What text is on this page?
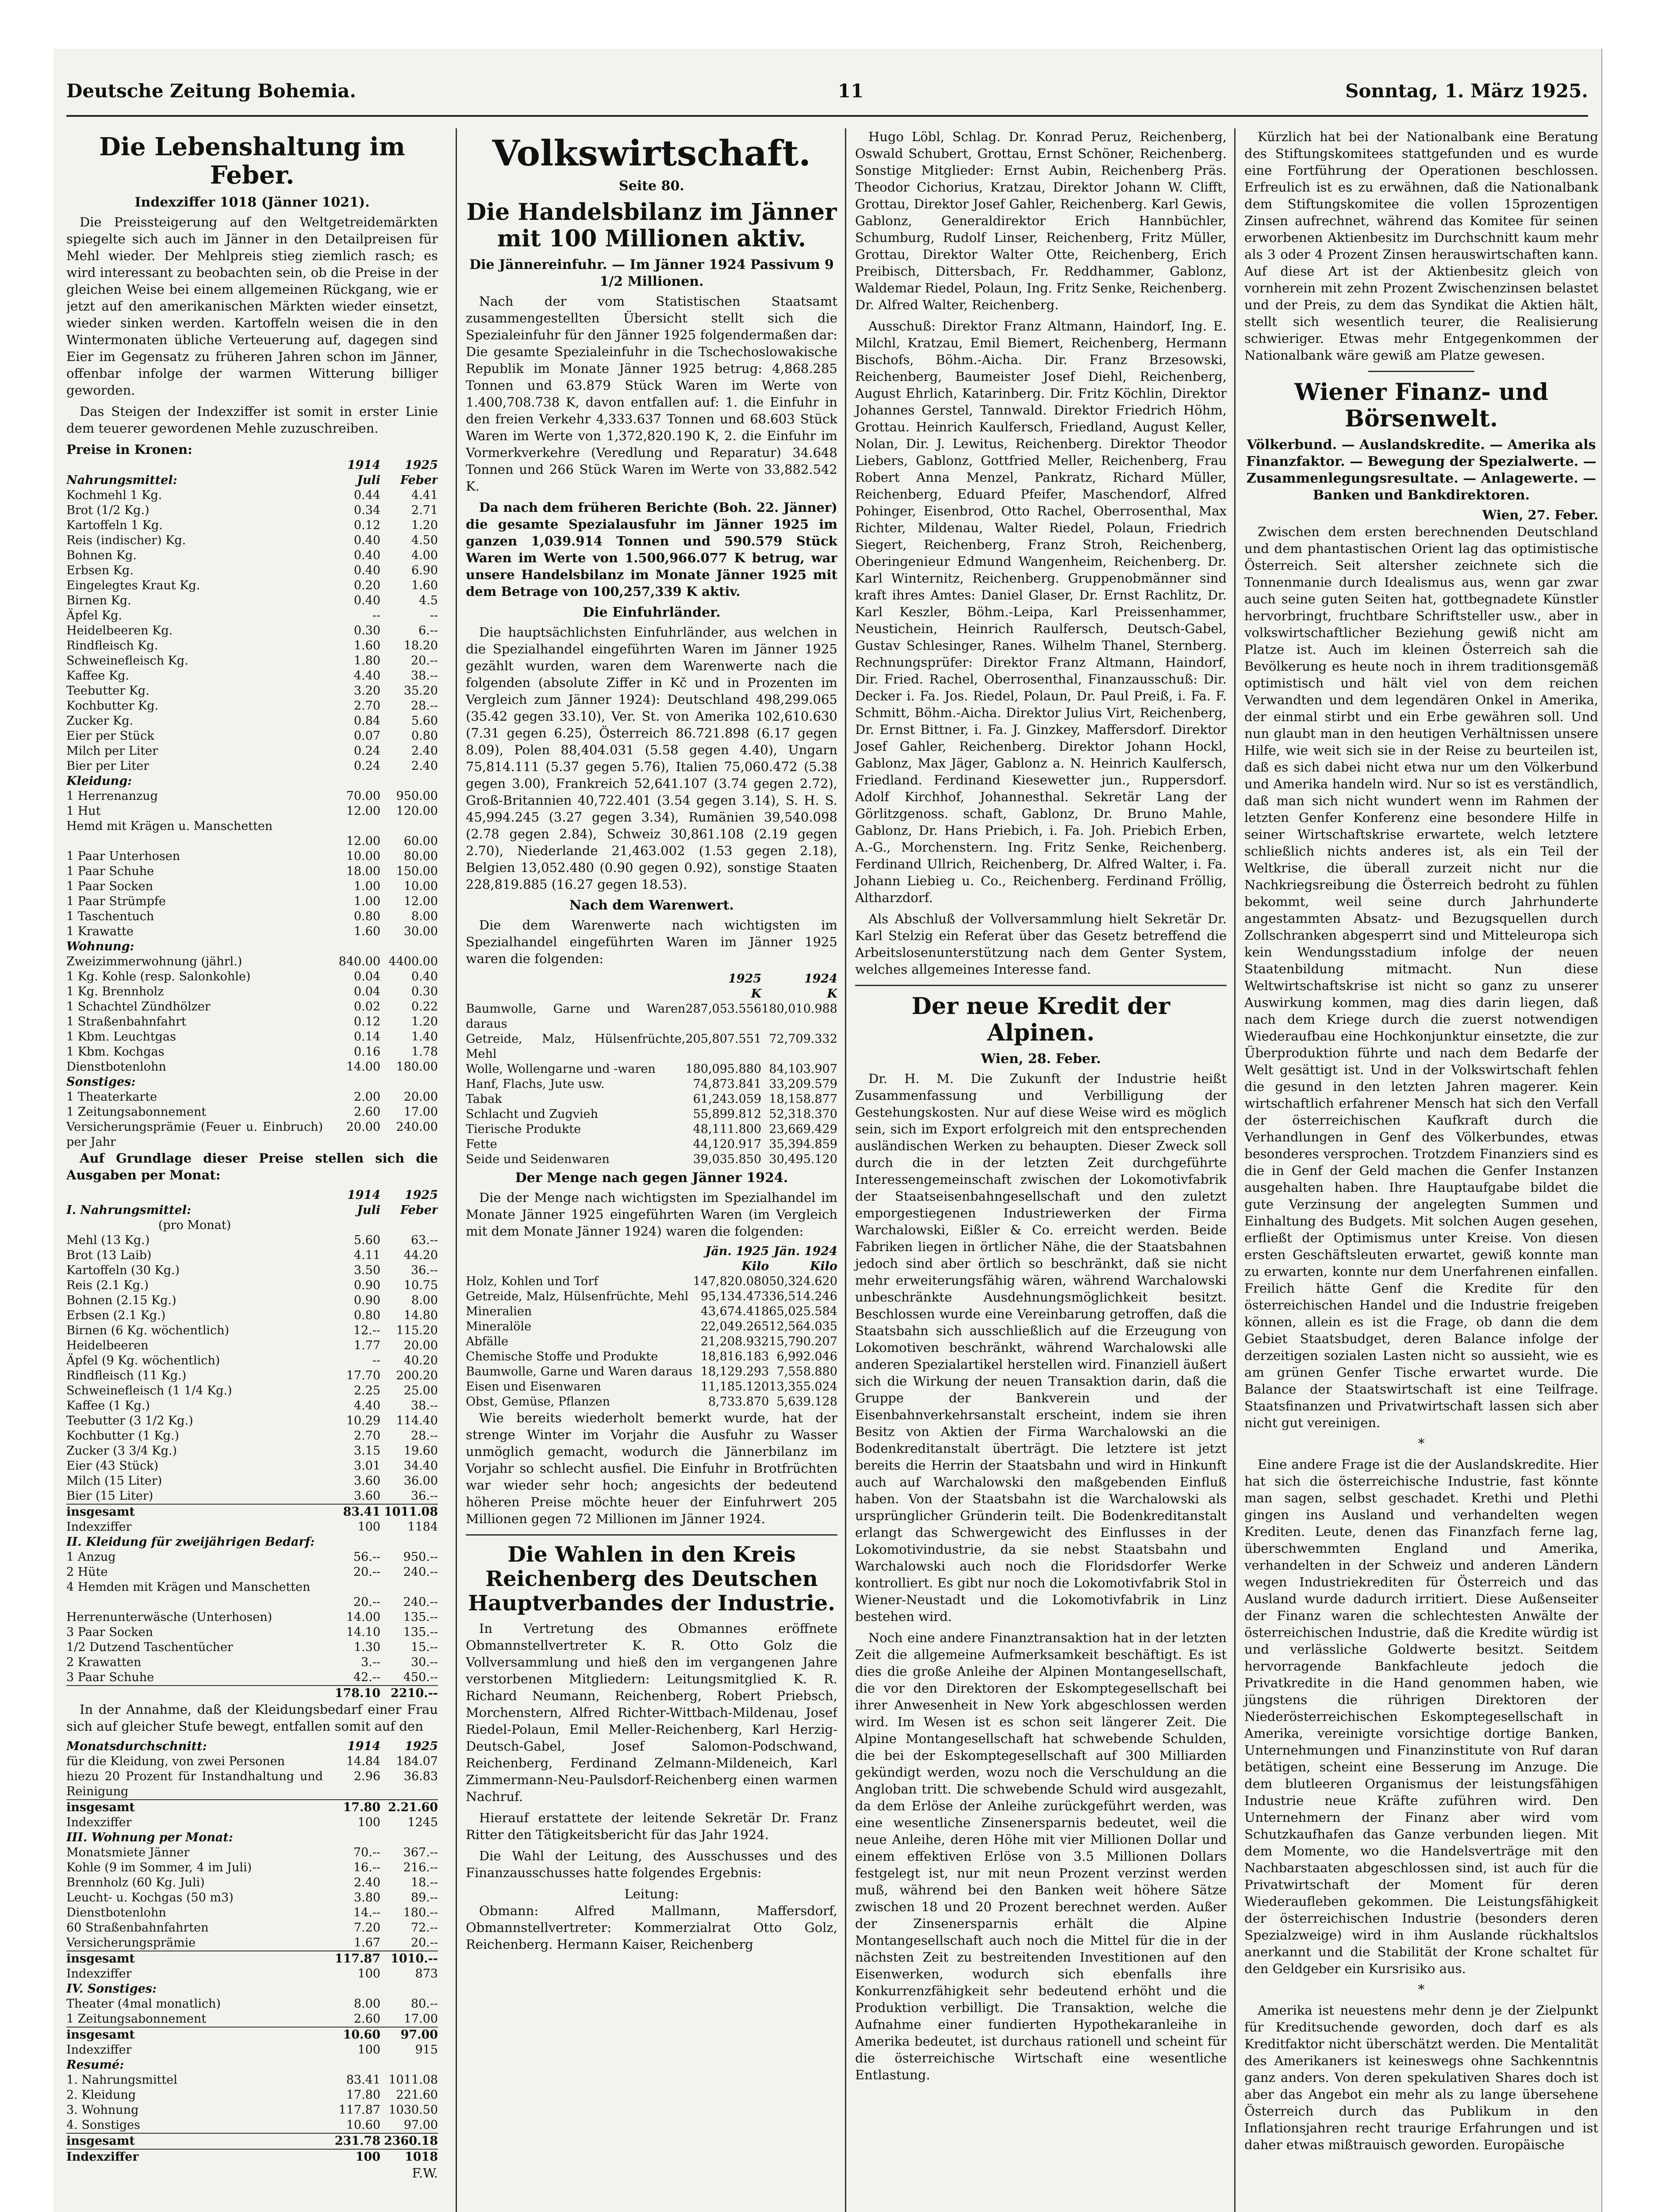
Deutsche Zeitung Bohemia.	11	Sonntag, 1. März 1925.
Die Lebenshaltung im Feber.
Indexziffer 1018 (Jänner 1021).

Die Preissteigerung auf den Weltgetreidemärkten spiegelte sich auch im Jänner in den Detailpreisen für Mehl wieder. Der Mehlpreis stieg ziemlich rasch; es wird interessant zu beobachten sein, ob die Preise in der gleichen Weise bei einem allgemeinen Rückgang, wie er jetzt auf den amerikanischen Märkten wieder einsetzt, wieder sinken werden. Kartoffeln weisen die in den Wintermonaten übliche Verteuerung auf, dagegen sind Eier im Gegensatz zu früheren Jahren schon im Jänner, offenbar infolge der warmen Witterung billiger geworden.

Das Steigen der Indexziffer ist somit in erster Linie dem teuerer gewordenen Mehle zuzuschreiben.

Preise in Kronen:
	1914	1925
Nahrungsmittel:	Juli	Feber
Kochmehl 1 Kg.	0.44	4.41
Brot (1/2 Kg.)	0.34	2.71
Kartoffeln 1 Kg.	0.12	1.20
Reis (indischer) Kg.	0.40	4.50
Bohnen Kg.	0.40	4.00
Erbsen Kg.	0.40	6.90
Eingelegtes Kraut Kg.	0.20	1.60
Birnen Kg.	0.40	4.5
Äpfel Kg.	--	--
Heidelbeeren Kg.	0.30	6.--
Rindfleisch Kg.	1.60	18.20
Schweinefleisch Kg.	1.80	20.--
Kaffee Kg.	4.40	38.--
Teebutter Kg.	3.20	35.20
Kochbutter Kg.	2.70	28.--
Zucker Kg.	0.84	5.60
Eier per Stück	0.07	0.80
Milch per Liter	0.24	2.40
Bier per Liter	0.24	2.40
Kleidung:		
1 Herrenanzug	70.00	950.00
1 Hut	12.00	120.00
Hemd mit Krägen u. Manschetten		
	12.00	60.00
1 Paar Unterhosen	10.00	80.00
1 Paar Schuhe	18.00	150.00
1 Paar Socken	1.00	10.00
1 Paar Strümpfe	1.00	12.00
1 Taschentuch	0.80	8.00
1 Krawatte	1.60	30.00
Wohnung:		
Zweizimmerwohnung (jährl.)	840.00	4400.00
1 Kg. Kohle (resp. Salonkohle)	0.04	0.40
1 Kg. Brennholz	0.04	0.30
1 Schachtel Zündhölzer	0.02	0.22
1 Straßenbahnfahrt	0.12	1.20
1 Kbm. Leuchtgas	0.14	1.40
1 Kbm. Kochgas	0.16	1.78
Dienstbotenlohn	14.00	180.00
Sonstiges:		
1 Theaterkarte	2.00	20.00
1 Zeitungsabonnement	2.60	17.00
Versicherungsprämie (Feuer u. Einbruch) per Jahr	20.00	240.00

Auf Grundlage dieser Preise stellen sich die Ausgaben per Monat:

	1914	1925
I. Nahrungsmittel:	Juli	Feber
(pro Monat)		
Mehl (13 Kg.)	5.60	63.--
Brot (13 Laib)	4.11	44.20
Kartoffeln (30 Kg.)	3.50	36.--
Reis (2.1 Kg.)	0.90	10.75
Bohnen (2.15 Kg.)	0.90	8.00
Erbsen (2.1 Kg.)	0.80	14.80
Birnen (6 Kg. wöchentlich)	12.--	115.20
Heidelbeeren	1.77	20.00
Äpfel (9 Kg. wöchentlich)	--	40.20
Rindfleisch (11 Kg.)	17.70	200.20
Schweinefleisch (1 1/4 Kg.)	2.25	25.00
Kaffee (1 Kg.)	4.40	38.--
Teebutter (3 1/2 Kg.)	10.29	114.40
Kochbutter (1 Kg.)	2.70	28.--
Zucker (3 3/4 Kg.)	3.15	19.60
Eier (43 Stück)	3.01	34.40
Milch (15 Liter)	3.60	36.00
Bier (15 Liter)	3.60	36.--
insgesamt	83.41	1011.08
Indexziffer	100	1184
II. Kleidung für zweijährigen Bedarf:		
1 Anzug	56.--	950.--
2 Hüte	20.--	240.--
4 Hemden mit Krägen und Manschetten		
	20.--	240.--
Herrenunterwäsche (Unterhosen)	14.00	135.--
3 Paar Socken	14.10	135.--
1/2 Dutzend Taschentücher	1.30	15.--
2 Krawatten	3.--	30.--
3 Paar Schuhe	42.--	450.--
	178.10	2210.--

In der Annahme, daß der Kleidungsbedarf einer Frau sich auf gleicher Stufe bewegt, entfallen somit auf den

Monatsdurchschnitt:	1914	1925
für die Kleidung, von zwei Personen	14.84	184.07
hiezu 20 Prozent für Instandhaltung und Reinigung	2.96	36.83
insgesamt	17.80	2.21.60
Indexziffer	100	1245
III. Wohnung per Monat:		
Monatsmiete Jänner	70.--	367.--
Kohle (9 im Sommer, 4 im Juli)	16.--	216.--
Brennholz (60 Kg. Juli)	2.40	18.--
Leucht- u. Kochgas (50 m3)	3.80	89.--
Dienstbotenlohn	14.--	180.--
60 Straßenbahnfahrten	7.20	72.--
Versicherungsprämie	1.67	20.--
insgesamt	117.87	1010.--
Indexziffer	100	873
IV. Sonstiges:		
Theater (4mal monatlich)	8.00	80.--
1 Zeitungsabonnement	2.60	17.00
insgesamt	10.60	97.00
Indexziffer	100	915
Resumé:		
1. Nahrungsmittel	83.41	1011.08
2. Kleidung	17.80	221.60
3. Wohnung	117.87	1030.50
4. Sonstiges	10.60	97.00
insgesamt	231.78	2360.18
Indexziffer	100	1018
F.W.
Volkswirtschaft.
Seite 80.
Die Handelsbilanz im Jänner mit 100 Millionen aktiv.
Die Jännereinfuhr. — Im Jänner 1924 Passivum 9 1/2 Millionen.

Nach der vom Statistischen Staatsamt zusammengestellten Übersicht stellt sich die Spezialeinfuhr für den Jänner 1925 folgendermaßen dar: Die gesamte Spezialeinfuhr in die Tschechoslowakische Republik im Monate Jänner 1925 betrug: 4,868.285 Tonnen und 63.879 Stück Waren im Werte von 1.400,708.738 K, davon entfallen auf: 1. die Einfuhr in den freien Verkehr 4,333.637 Tonnen und 68.603 Stück Waren im Werte von 1,372,820.190 K, 2. die Einfuhr im Vormerkverkehre (Veredlung und Reparatur) 34.648 Tonnen und 266 Stück Waren im Werte von 33,882.542 K.

Da nach dem früheren Berichte (Boh. 22. Jänner) die gesamte Spezialausfuhr im Jänner 1925 im ganzen 1,039.914 Tonnen und 590.579 Stück Waren im Werte von 1.500,966.077 K betrug, war unsere Handelsbilanz im Monate Jänner 1925 mit dem Betrage von 100,257,339 K aktiv.

Die Einfuhrländer.

Die hauptsächlichsten Einfuhrländer, aus welchen in die Spezialhandel eingeführten Waren im Jänner 1925 gezählt wurden, waren dem Warenwerte nach die folgenden (absolute Ziffer in Kč und in Prozenten im Vergleich zum Jänner 1924): Deutschland 498,299.065 (35.42 gegen 33.10), Ver. St. von Amerika 102,610.630 (7.31 gegen 6.25), Österreich 86.721.898 (6.17 gegen 8.09), Polen 88,404.031 (5.58 gegen 4.40), Ungarn 75,814.111 (5.37 gegen 5.76), Italien 75,060.472 (5.38 gegen 3.00), Frankreich 52,641.107 (3.74 gegen 2.72), Groß-Britannien 40,722.401 (3.54 gegen 3.14), S. H. S. 45,994.245 (3.27 gegen 3.34), Rumänien 39,540.098 (2.78 gegen 2.84), Schweiz 30,861.108 (2.19 gegen 2.70), Niederlande 21,463.002 (1.53 gegen 2.18), Belgien 13,052.480 (0.90 gegen 0.92), sonstige Staaten 228,819.885 (16.27 gegen 18.53).

Nach dem Warenwert.

Die dem Warenwerte nach wichtigsten im Spezialhandel eingeführten Waren im Jänner 1925 waren die folgenden:

	1925	1924
	K	K
Baumwolle, Garne und Waren daraus	287,053.556	180,010.988
Getreide, Malz, Hülsenfrüchte, Mehl	205,807.551	72,709.332
Wolle, Wollengarne und -waren	180,095.880	84,103.907
Hanf, Flachs, Jute usw.	74,873.841	33,209.579
Tabak	61,243.059	18,158.877
Schlacht und Zugvieh	55,899.812	52,318.370
Tierische Produkte	48,111.800	23,669.429
Fette	44,120.917	35,394.859
Seide und Seidenwaren	39,035.850	30,495.120
Der Menge nach gegen Jänner 1924.

Die der Menge nach wichtigsten im Spezialhandel im Monate Jänner 1925 eingeführten Waren (im Vergleich mit dem Monate Jänner 1924) waren die folgenden:

	Jän. 1925	Jän. 1924
	Kilo	Kilo
Holz, Kohlen und Torf	147,820.080	50,324.620
Getreide, Malz, Hülsenfrüchte, Mehl	95,134.473	36,514.246
Mineralien	43,674.418	65,025.584
Mineralöle	22,049.265	12,564.035
Abfälle	21,208.932	15,790.207
Chemische Stoffe und Produkte	18,816.183	6,992.046
Baumwolle, Garne und Waren daraus	18,129.293	7,558.880
Eisen und Eisenwaren	11,185.120	13,355.024
Obst, Gemüse, Pflanzen	8,733.870	5,639.128

Wie bereits wiederholt bemerkt wurde, hat der strenge Winter im Vorjahr die Ausfuhr zu Wasser unmöglich gemacht, wodurch die Jännerbilanz im Vorjahr so schlecht ausfiel. Die Einfuhr in Brotfrüchten war wieder sehr hoch; angesichts der bedeutend höheren Preise möchte heuer der Einfuhrwert 205 Millionen gegen 72 Millionen im Jänner 1924.

Die Wahlen in den Kreis Reichenberg des Deutschen Hauptverbandes der Industrie.

In Vertretung des Obmannes eröffnete Obmannstellvertreter K. R. Otto Golz die Vollversammlung und hieß den im vergangenen Jahre verstorbenen Mitgliedern: Leitungsmitglied K. R. Richard Neumann, Reichenberg, Robert Priebsch, Morchenstern, Alfred Richter-Wittbach-Mildenau, Josef Riedel-Polaun, Emil Meller-Reichenberg, Karl Herzig-Deutsch-Gabel, Josef Salomon-Podschwand, Reichenberg, Ferdinand Zelmann-Mildeneich, Karl Zimmermann-Neu-Paulsdorf-Reichenberg einen warmen Nachruf.

Hierauf erstattete der leitende Sekretär Dr. Franz Ritter den Tätigkeitsbericht für das Jahr 1924.

Die Wahl der Leitung, des Ausschusses und des Finanzausschusses hatte folgendes Ergebnis:

Leitung:

Obmann: Alfred Mallmann, Maffersdorf, Obmannstellvertreter: Kommerzialrat Otto Golz, Reichenberg. Hermann Kaiser, Reichenberg

Hugo Löbl, Schlag. Dr. Konrad Peruz, Reichenberg, Oswald Schubert, Grottau, Ernst Schöner, Reichenberg. Sonstige Mitglieder: Ernst Aubin, Reichenberg Präs. Theodor Cichorius, Kratzau, Direktor Johann W. Clifft, Grottau, Direktor Josef Gahler, Reichenberg. Karl Gewis, Gablonz, Generaldirektor Erich Hannbüchler, Schumburg, Rudolf Linser, Reichenberg, Fritz Müller, Grottau, Direktor Walter Otte, Reichenberg, Erich Preibisch, Dittersbach, Fr. Reddhammer, Gablonz, Waldemar Riedel, Polaun, Ing. Fritz Senke, Reichenberg. Dr. Alfred Walter, Reichenberg.

Ausschuß: Direktor Franz Altmann, Haindorf, Ing. E. Milchl, Kratzau, Emil Biemert, Reichenberg, Hermann Bischofs, Böhm.-Aicha. Dir. Franz Brzesowski, Reichenberg, Baumeister Josef Diehl, Reichenberg, August Ehrlich, Katarinberg. Dir. Fritz Köchlin, Direktor Johannes Gerstel, Tannwald. Direktor Friedrich Höhm, Grottau. Heinrich Kaulfersch, Friedland, August Keller, Nolan, Dir. J. Lewitus, Reichenberg. Direktor Theodor Liebers, Gablonz, Gottfried Meller, Reichenberg, Frau Robert Anna Menzel, Pankratz, Richard Müller, Reichenberg, Eduard Pfeifer, Maschendorf, Alfred Pohinger, Eisenbrod, Otto Rachel, Oberrosenthal, Max Richter, Mildenau, Walter Riedel, Polaun, Friedrich Siegert, Reichenberg, Franz Stroh, Reichenberg, Oberingenieur Edmund Wangenheim, Reichenberg. Dr. Karl Winternitz, Reichenberg. Gruppenobmänner sind kraft ihres Amtes: Daniel Glaser, Dr. Ernst Rachlitz, Dr. Karl Keszler, Böhm.-Leipa, Karl Preissenhammer, Neustichein, Heinrich Raulfersch, Deutsch-Gabel, Gustav Schlesinger, Ranes. Wilhelm Thanel, Sternberg. Rechnungsprüfer: Direktor Franz Altmann, Haindorf, Dir. Fried. Rachel, Oberrosenthal, Finanzausschuß: Dir. Decker i. Fa. Jos. Riedel, Polaun, Dr. Paul Preiß, i. Fa. F. Schmitt, Böhm.-Aicha. Direktor Julius Virt, Reichenberg, Dr. Ernst Bittner, i. Fa. J. Ginzkey, Maffersdorf. Direktor Josef Gahler, Reichenberg. Direktor Johann Hockl, Gablonz, Max Jäger, Gablonz a. N. Heinrich Kaulfersch, Friedland. Ferdinand Kiesewetter jun., Ruppersdorf. Adolf Kirchhof, Johannesthal. Sekretär Lang der Görlitzgenoss. schaft, Gablonz, Dr. Bruno Mahle, Gablonz, Dr. Hans Priebich, i. Fa. Joh. Priebich Erben, A.-G., Morchenstern. Ing. Fritz Senke, Reichenberg. Ferdinand Ullrich, Reichenberg, Dr. Alfred Walter, i. Fa. Johann Liebieg u. Co., Reichenberg. Ferdinand Fröllig, Altharzdorf.

Als Abschluß der Vollversammlung hielt Sekretär Dr. Karl Stelzig ein Referat über das Gesetz betreffend die Arbeitslosenunterstützung nach dem Genter System, welches allgemeines Interesse fand.

Der neue Kredit der Alpinen.
Wien, 28. Feber.

Dr. H. M. Die Zukunft der Industrie heißt Zusammenfassung und Verbilligung der Gestehungskosten. Nur auf diese Weise wird es möglich sein, sich im Export erfolgreich mit den entsprechenden ausländischen Werken zu behaupten. Dieser Zweck soll durch die in der letzten Zeit durchgeführte Interessengemeinschaft zwischen der Lokomotivfabrik der Staatseisenbahngesellschaft und den zuletzt emporgestiegenen Industriewerken der Firma Warchalowski, Eißler & Co. erreicht werden. Beide Fabriken liegen in örtlicher Nähe, die der Staatsbahnen jedoch sind aber örtlich so beschränkt, daß sie nicht mehr erweiterungsfähig wären, während Warchalowski unbeschränkte Ausdehnungsmöglichkeit besitzt. Beschlossen wurde eine Vereinbarung getroffen, daß die Staatsbahn sich ausschließlich auf die Erzeugung von Lokomotiven beschränkt, während Warchalowski alle anderen Spezialartikel herstellen wird. Finanziell äußert sich die Wirkung der neuen Transaktion darin, daß die Gruppe der Bankverein und der Eisenbahnverkehrsanstalt erscheint, indem sie ihren Besitz von Aktien der Firma Warchalowski an die Bodenkreditanstalt überträgt. Die letztere ist jetzt bereits die Herrin der Staatsbahn und wird in Hinkunft auch auf Warchalowski den maßgebenden Einfluß haben. Von der Staatsbahn ist die Warchalowski als ursprünglicher Gründerin teilt. Die Bodenkreditanstalt erlangt das Schwergewicht des Einflusses in der Lokomotivindustrie, da sie nebst Staatsbahn und Warchalowski auch noch die Floridsdorfer Werke kontrolliert. Es gibt nur noch die Lokomotivfabrik Stol in Wiener-Neustadt und die Lokomotivfabrik in Linz bestehen wird.

Noch eine andere Finanztransaktion hat in der letzten Zeit die allgemeine Aufmerksamkeit beschäftigt. Es ist dies die große Anleihe der Alpinen Montangesellschaft, die vor den Direktoren der Eskomptegesellschaft bei ihrer Anwesenheit in New York abgeschlossen werden wird. Im Wesen ist es schon seit längerer Zeit. Die Alpine Montangesellschaft hat schwebende Schulden, die bei der Eskomptegesellschaft auf 300 Milliarden gekündigt werden, wozu noch die Verschuldung an die Angloban tritt. Die schwebende Schuld wird ausgezahlt, da dem Erlöse der Anleihe zurückgeführt werden, was eine wesentliche Zinsenersparnis bedeutet, weil die neue Anleihe, deren Höhe mit vier Millionen Dollar und einem effektiven Erlöse von 3.5 Millionen Dollars festgelegt ist, nur mit neun Prozent verzinst werden muß, während bei den Banken weit höhere Sätze zwischen 18 und 20 Prozent berechnet werden. Außer der Zinsenersparnis erhält die Alpine Montangesellschaft auch noch die Mittel für die in der nächsten Zeit zu bestreitenden Investitionen auf den Eisenwerken, wodurch sich ebenfalls ihre Konkurrenzfähigkeit sehr bedeutend erhöht und die Produktion verbilligt. Die Transaktion, welche die Aufnahme einer fundierten Hypothekaranleihe in Amerika bedeutet, ist durchaus rationell und scheint für die österreichische Wirtschaft eine wesentliche Entlastung.

Kürzlich hat bei der Nationalbank eine Beratung des Stiftungskomitees stattgefunden und es wurde eine Fortführung der Operationen beschlossen. Erfreulich ist es zu erwähnen, daß die Nationalbank dem Stiftungskomitee die vollen 15prozentigen Zinsen aufrechnet, während das Komitee für seinen erworbenen Aktienbesitz im Durchschnitt kaum mehr als 3 oder 4 Prozent Zinsen herauswirtschaften kann. Auf diese Art ist der Aktienbesitz gleich von vornherein mit zehn Prozent Zwischenzinsen belastet und der Preis, zu dem das Syndikat die Aktien hält, stellt sich wesentlich teurer, die Realisierung schwieriger. Etwas mehr Entgegenkommen der Nationalbank wäre gewiß am Platze gewesen.

Wiener Finanz- und Börsenwelt.
Völkerbund. — Auslandskredite. — Amerika als Finanzfaktor. — Bewegung der Spezialwerte. — Zusammenlegungsresultate. — Anlagewerte. — Banken und Bankdirektoren.
Wien, 27. Feber.

Zwischen dem ersten berechnenden Deutschland und dem phantastischen Orient lag das optimistische Österreich. Seit altersher zeichnete sich die Tonnenmanie durch Idealismus aus, wenn gar zwar auch seine guten Seiten hat, gottbegnadete Künstler hervorbringt, fruchtbare Schriftsteller usw., aber in volkswirtschaftlicher Beziehung gewiß nicht am Platze ist. Auch im kleinen Österreich sah die Bevölkerung es heute noch in ihrem traditionsgemäß optimistisch und hält viel von dem reichen Verwandten und dem legendären Onkel in Amerika, der einmal stirbt und ein Erbe gewähren soll. Und nun glaubt man in den heutigen Verhältnissen unsere Hilfe, wie weit sich sie in der Reise zu beurteilen ist, daß es sich dabei nicht etwa nur um den Völkerbund und Amerika handeln wird. Nur so ist es verständlich, daß man sich nicht wundert wenn im Rahmen der letzten Genfer Konferenz eine besondere Hilfe in seiner Wirtschaftskrise erwartete, welch letztere schließlich nichts anderes ist, als ein Teil der Weltkrise, die überall zurzeit nicht nur die Nachkriegsreibung die Österreich bedroht zu fühlen bekommt, weil seine durch Jahrhunderte angestammten Absatz- und Bezugsquellen durch Zollschranken abgesperrt sind und Mitteleuropa sich kein Wendungsstadium infolge der neuen Staatenbildung mitmacht. Nun diese Weltwirtschaftskrise ist nicht so ganz zu unserer Auswirkung kommen, mag dies darin liegen, daß nach dem Kriege durch die zuerst notwendigen Wiederaufbau eine Hochkonjunktur einsetzte, die zur Überproduktion führte und nach dem Bedarfe der Welt gesättigt ist. Und in der Volkswirtschaft fehlen die gesund in den letzten Jahren magerer. Kein wirtschaftlich erfahrener Mensch hat sich den Verfall der österreichischen Kaufkraft durch die Verhandlungen in Genf des Völkerbundes, etwas besonderes versprochen. Trotzdem Finanziers sind es die in Genf der Geld machen die Genfer Instanzen ausgehalten haben. Ihre Hauptaufgabe bildet die gute Verzinsung der angelegten Summen und Einhaltung des Budgets. Mit solchen Augen gesehen, erfließt der Optimismus unter Kreise. Von diesen ersten Geschäftsleuten erwartet, gewiß konnte man zu erwarten, konnte nur dem Unerfahrenen einfallen. Freilich hätte Genf die Kredite für den österreichischen Handel und die Industrie freigeben können, allein es ist die Frage, ob dann die dem Gebiet Staatsbudget, deren Balance infolge der derzeitigen sozialen Lasten nicht so aussieht, wie es am grünen Genfer Tische erwartet wurde. Die Balance der Staatswirtschaft ist eine Teilfrage. Staatsfinanzen und Privatwirtschaft lassen sich aber nicht gut vereinigen.

*

Eine andere Frage ist die der Auslandskredite. Hier hat sich die österreichische Industrie, fast könnte man sagen, selbst geschadet. Krethi und Plethi gingen ins Ausland und verhandelten wegen Krediten. Leute, denen das Finanzfach ferne lag, überschwemmten England und Amerika, verhandelten in der Schweiz und anderen Ländern wegen Industriekrediten für Österreich und das Ausland wurde dadurch irritiert. Diese Außenseiter der Finanz waren die schlechtesten Anwälte der österreichischen Industrie, daß die Kredite würdig ist und verlässliche Goldwerte besitzt. Seitdem hervorragende Bankfachleute jedoch die Privatkredite in die Hand genommen haben, wie jüngstens die rührigen Direktoren der Niederösterreichischen Eskomptegesellschaft in Amerika, vereinigte vorsichtige dortige Banken, Unternehmungen und Finanzinstitute von Ruf daran betätigen, scheint eine Besserung im Anzuge. Die dem blutleeren Organismus der leistungsfähigen Industrie neue Kräfte zuführen wird. Den Unternehmern der Finanz aber wird vom Schutzkaufhafen das Ganze verbunden liegen. Mit dem Momente, wo die Handelsverträge mit den Nachbarstaaten abgeschlossen sind, ist auch für die Privatwirtschaft der Moment für deren Wiederaufleben gekommen. Die Leistungsfähigkeit der österreichischen Industrie (besonders deren Spezialzweige) wird in ihm Auslande rückhaltslos anerkannt und die Stabilität der Krone schaltet für den Geldgeber ein Kursrisiko aus.

*

Amerika ist neuestens mehr denn je der Zielpunkt für Kreditsuchende geworden, doch darf es als Kreditfaktor nicht überschätzt werden. Die Mentalität des Amerikaners ist keineswegs ohne Sachkenntnis ganz anders. Von deren spekulativen Shares doch ist aber das Angebot ein mehr als zu lange übersehene Österreich durch das Publikum in den Inflationsjahren recht traurige Erfahrungen und ist daher etwas mißtrauisch geworden. Europäische
